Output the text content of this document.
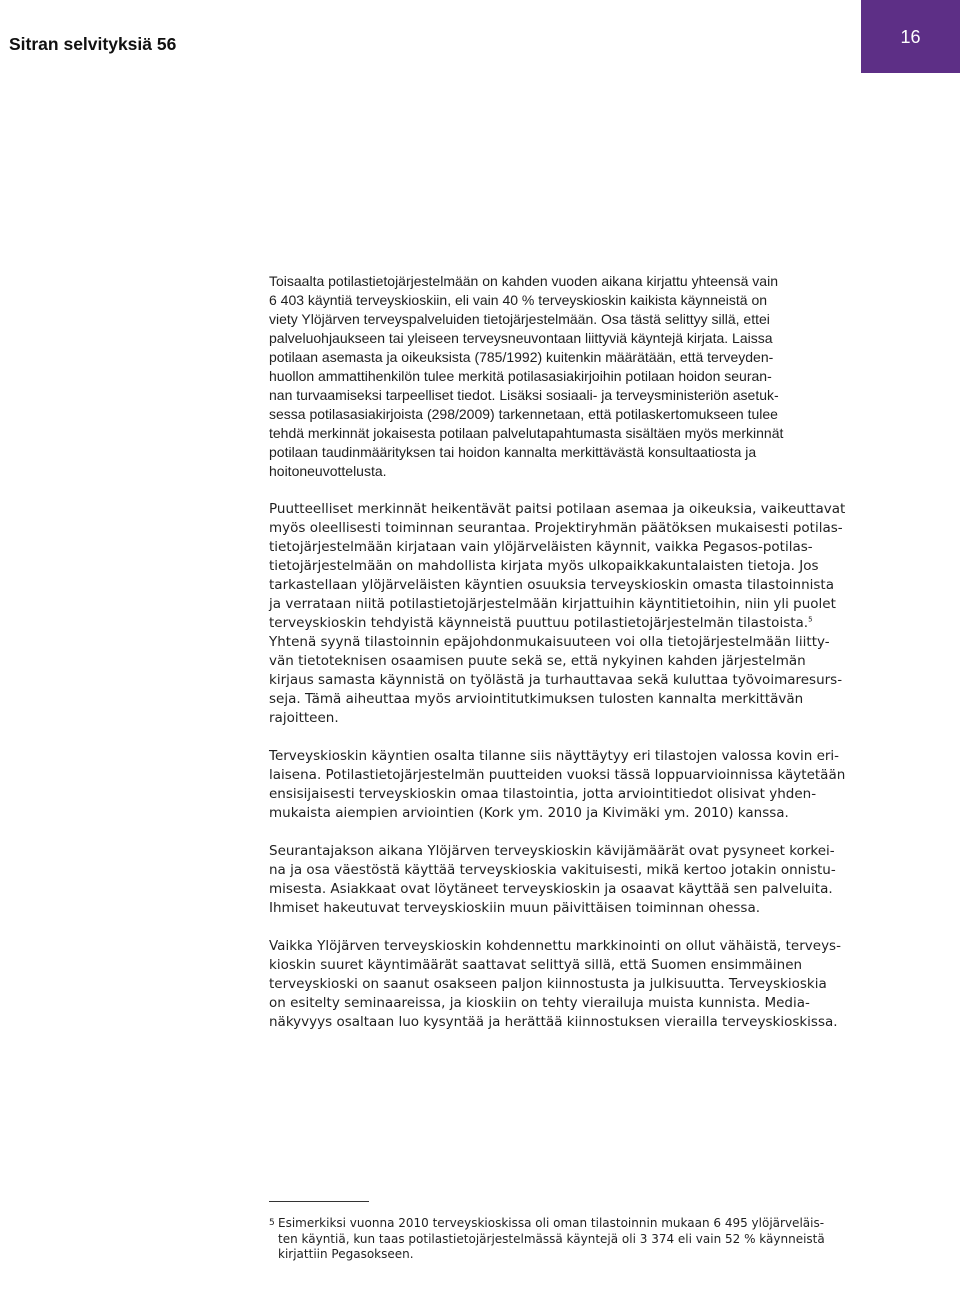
Sitran selvityksiä 56	16

Toisaalta potilastietojärjestelmään on kahden vuoden aikana kirjattu yhteensä vain
6 403 käyntiä terveyskioskiin, eli vain 40 % terveyskioskin kaikista käynneistä on
viety Ylöjärven terveyspalveluiden tietojärjestelmään. Osa tästä selittyy sillä, ettei
palveluohjaukseen tai yleiseen terveysneuvontaan liittyviä käyntejä kirjata. Laissa
potilaan asemasta ja oikeuksista (785/1992) kuitenkin määrätään, että terveyden-
huollon ammattihenkilön tulee merkitä potilasasiakirjoihin potilaan hoidon seuran-
nan turvaamiseksi tarpeelliset tiedot. Lisäksi sosiaali- ja terveysministeriön asetuk-
sessa potilasasiakirjoista (298/2009) tarkennetaan, että potilaskertomukseen tulee
tehdä merkinnät jokaisesta potilaan palvelutapahtumasta sisältäen myös merkinnät
potilaan taudinmäärityksen tai hoidon kannalta merkittävästä konsultaatiosta ja
hoitoneuvottelusta.

Puutteelliset merkinnät heikentävät paitsi potilaan asemaa ja oikeuksia, vaikeuttavat
myös oleellisesti toiminnan seurantaa. Projektiryhmän päätöksen mukaisesti potilas-
tietojärjestelmään kirjataan vain ylöjärveläisten käynnit, vaikka Pegasos-potilas-
tietojärjestelmään on mahdollista kirjata myös ulkopaikkakuntalaisten tietoja. Jos
tarkastellaan ylöjärveläisten käyntien osuuksia terveyskioskin omasta tilastoinnista
ja verrataan niitä potilastietojärjestelmään kirjattuihin käyntitietoihin, niin yli puolet
terveyskioskin tehdyistä käynneistä puuttuu potilastietojärjestelmän tilastoista.$^5$
Yhtenä syynä tilastoinnin epäjohdonmukaisuuteen voi olla tietojärjestelmään liitty-
vän tietoteknisen osaamisen puute sekä se, että nykyinen kahden järjestelmän
kirjaus samasta käynnistä on työlästä ja turhauttavaa sekä kuluttaa työvoimaresurs-
seja. Tämä aiheuttaa myös arviointitutkimuksen tulosten kannalta merkittävän
rajoitteen.

Terveyskioskin käyntien osalta tilanne siis näyttäytyy eri tilastojen valossa kovin eri-
laisena. Potilastietojärjestelmän puutteiden vuoksi tässä loppuarvioinnissa käytetään
ensisijaisesti terveyskioskin omaa tilastointia, jotta arviointitiedot olisivat yhden-
mukaista aiempien arviointien (Kork ym. 2010 ja Kivimäki ym. 2010) kanssa.

Seurantajakson aikana Ylöjärven terveyskioskin kävijämäärät ovat pysyneet korkei-
na ja osa väestöstä käyttää terveyskioskia vakituisesti, mikä kertoo jotakin onnistu-
misesta. Asiakkaat ovat löytäneet terveyskioskin ja osaavat käyttää sen palveluita.
Ihmiset hakeutuvat terveyskioskiin muun päivittäisen toiminnan ohessa.

Vaikka Ylöjärven terveyskioskin kohdennettu markkinointi on ollut vähäistä, terveys-
kioskin suuret käyntimäärät saattavat selittyä sillä, että Suomen ensimmäinen
terveyskioski on saanut osakseen paljon kiinnostusta ja julkisuutta. Terveyskioskia
on esitelty seminaareissa, ja kioskiin on tehty vierailuja muista kunnista. Media-
näkyvyys osaltaan luo kysyntää ja herättää kiinnostuksen vierailla terveyskioskissa.

5 Esimerkiksi vuonna 2010 terveyskioskissa oli oman tilastoinnin mukaan 6 495 ylöjärveläis-
ten käyntiä, kun taas potilastietojärjestelmässä käyntejä oli 3 374 eli vain 52 % käynneistä
kirjattiin Pegasokseen.
